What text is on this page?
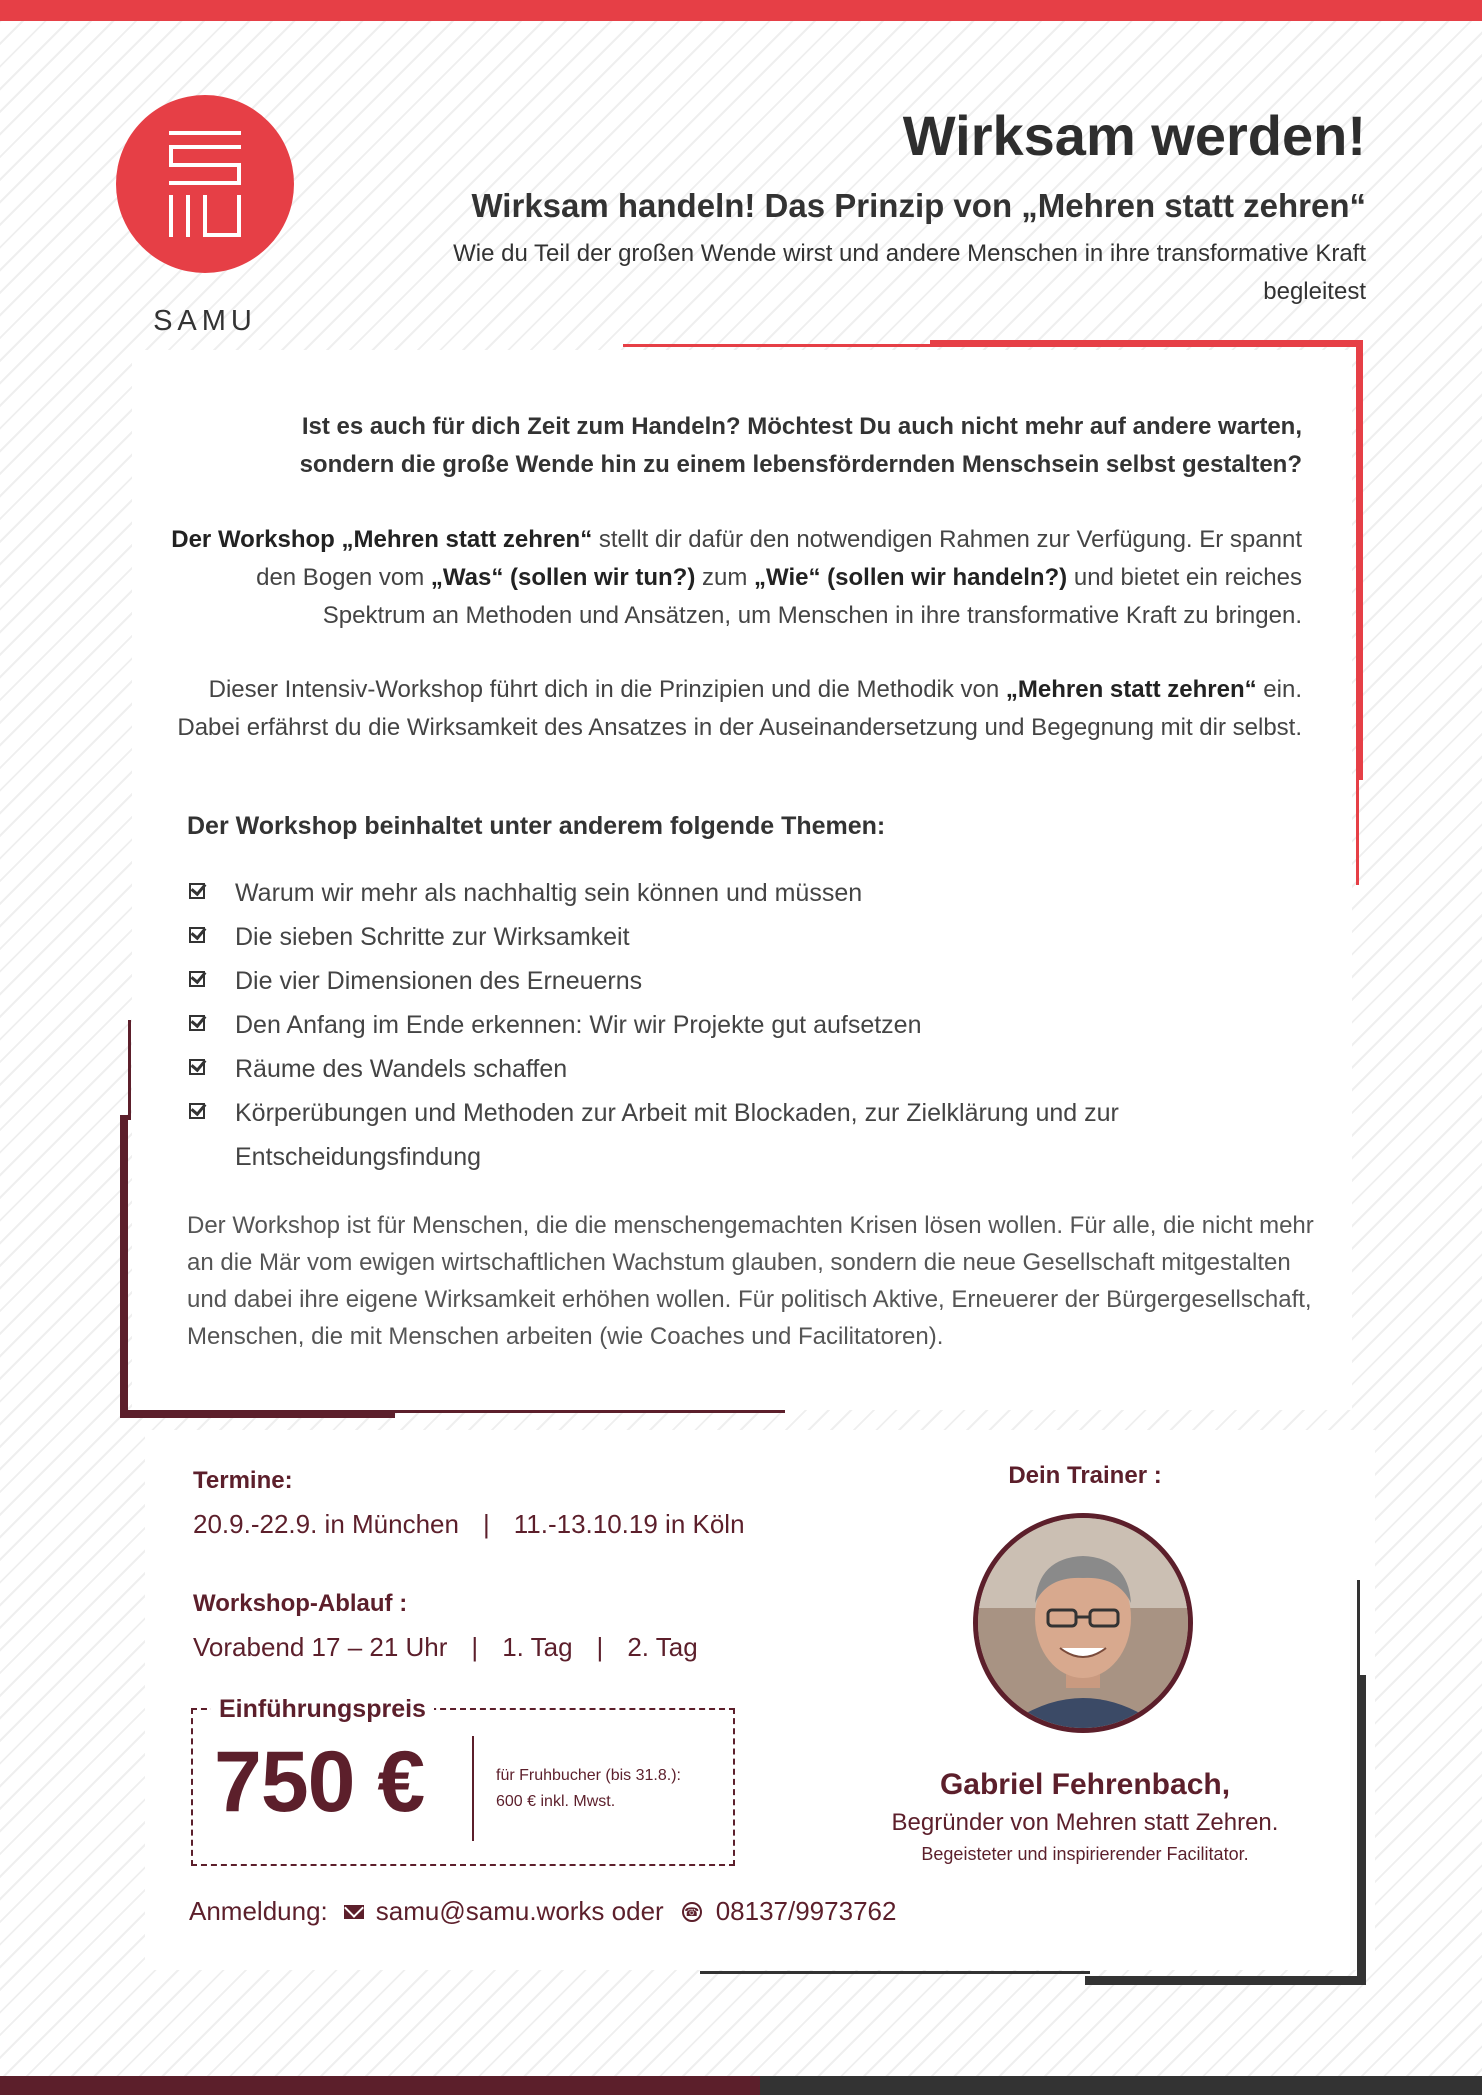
SAMU
Wirksam werden!
Wirksam handeln! Das Prinzip von „Mehren statt zehren“
Wie du Teil der großen Wende wirst und andere Menschen in ihre transformative Kraft begleitest
Ist es auch für dich Zeit zum Handeln? Möchtest Du auch nicht mehr auf andere warten, sondern die große Wende hin zu einem lebensfördernden Menschsein selbst gestalten?
Der Workshop „Mehren statt zehren“ stellt dir dafür den notwendigen Rahmen zur Verfügung. Er spannt den Bogen vom „Was“ (sollen wir tun?) zum „Wie“ (sollen wir handeln?) und bietet ein reiches Spektrum an Methoden und Ansätzen, um Menschen in ihre transformative Kraft zu bringen.
Dieser Intensiv-Workshop führt dich in die Prinzipien und die Methodik von „Mehren statt zehren“ ein. Dabei erfährst du die Wirksamkeit des Ansatzes in der Auseinandersetzung und Begegnung mit dir selbst.
Der Workshop beinhaltet unter anderem folgende Themen:
Warum wir mehr als nachhaltig sein können und müssen
Die sieben Schritte zur Wirksamkeit
Die vier Dimensionen des Erneuerns
Den Anfang im Ende erkennen: Wir wir Projekte gut aufsetzen
Räume des Wandels schaffen
Körperübungen und Methoden zur Arbeit mit Blockaden, zur Zielklärung und zur Entscheidungsfindung
Der Workshop ist für Menschen, die die menschengemachten Krisen lösen wollen. Für alle, die nicht mehr an die Mär vom ewigen wirtschaftlichen Wachstum glauben, sondern die neue Gesellschaft mitgestalten und dabei ihre eigene Wirksamkeit erhöhen wollen. Für politisch Aktive, Erneuerer der Bürgergesellschaft, Menschen, die mit Menschen arbeiten (wie Coaches und Facilitatoren).
Termine:
20.9.-22.9. in München | 11.-13.10.19 in Köln
Workshop-Ablauf :
Vorabend 17 – 21 Uhr | 1. Tag | 2. Tag
Einführungspreis
750 €	für Fruhbucher (bis 31.8.):
600 € inkl. Mwst.
Anmeldung: samu@samu.works oder ☎ 08137/9973762
Dein Trainer :
Gabriel Fehrenbach,
Begründer von Mehren statt Zehren.
Begeisteter und inspirierender Facilitator.
